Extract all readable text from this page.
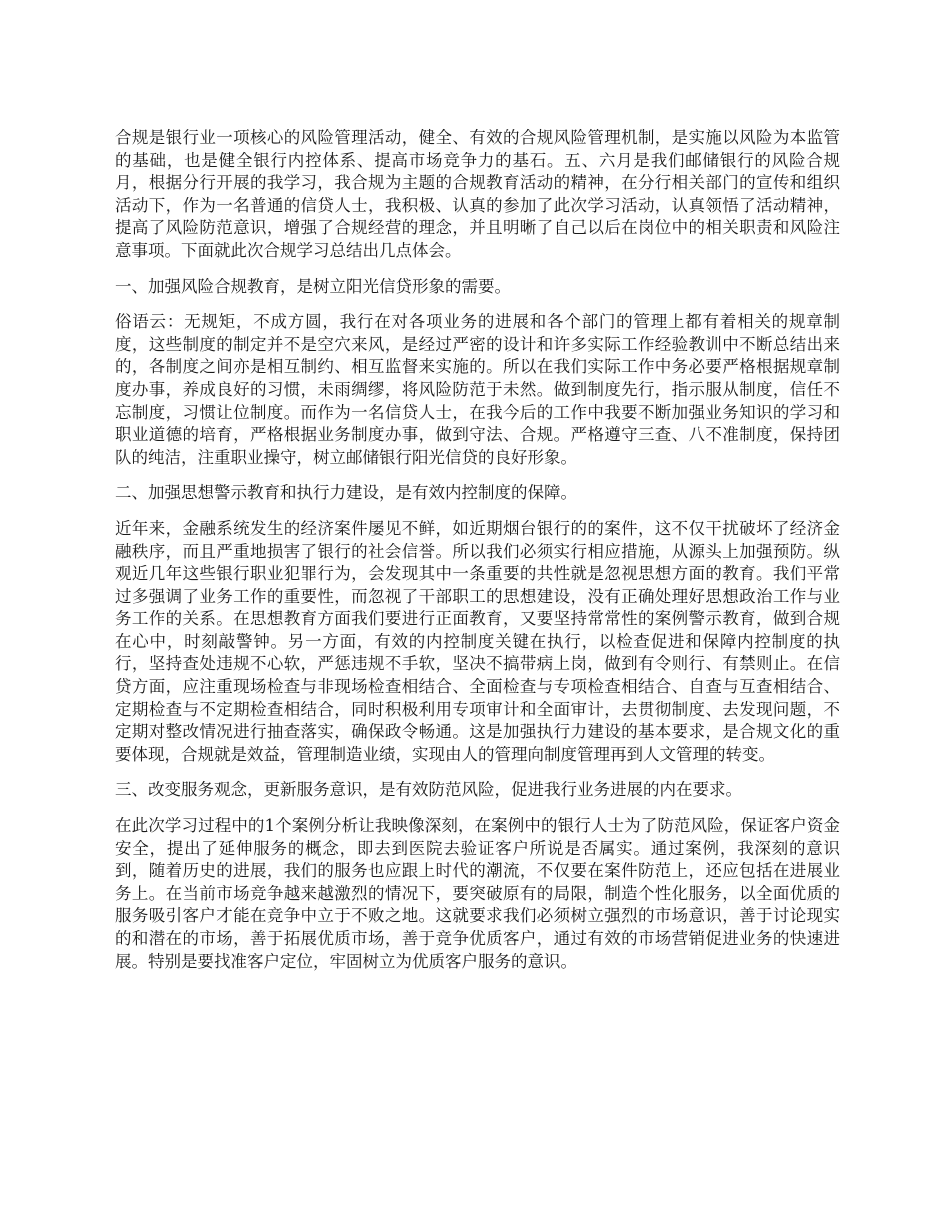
合规是银行业一项核心的风险管理活动，健全、有效的合规风险管理机制，是实施以风险为本监管的基础，也是健全银行内控体系、提高市场竞争力的基石。五、六月是我们邮储银行的风险合规月，根据分行开展的我学习，我合规为主题的合规教育活动的精神，在分行相关部门的宣传和组织活动下，作为一名普通的信贷人士，我积极、认真的参加了此次学习活动，认真领悟了活动精神，提高了风险防范意识，增强了合规经营的理念，并且明晰了自己以后在岗位中的相关职责和风险注意事项。下面就此次合规学习总结出几点体会。

一、加强风险合规教育，是树立阳光信贷形象的需要。

俗语云：无规矩，不成方圆，我行在对各项业务的进展和各个部门的管理上都有着相关的规章制度，这些制度的制定并不是空穴来风，是经过严密的设计和许多实际工作经验教训中不断总结出来的，各制度之间亦是相互制约、相互监督来实施的。所以在我们实际工作中务必要严格根据规章制度办事，养成良好的习惯，未雨绸缪，将风险防范于未然。做到制度先行，指示服从制度，信任不忘制度，习惯让位制度。而作为一名信贷人士，在我今后的工作中我要不断加强业务知识的学习和职业道德的培育，严格根据业务制度办事，做到守法、合规。严格遵守三查、八不准制度，保持团队的纯洁，注重职业操守，树立邮储银行阳光信贷的良好形象。

二、加强思想警示教育和执行力建设，是有效内控制度的保障。

近年来，金融系统发生的经济案件屡见不鲜，如近期烟台银行的的案件，这不仅干扰破坏了经济金融秩序，而且严重地损害了银行的社会信誉。所以我们必须实行相应措施，从源头上加强预防。纵观近几年这些银行职业犯罪行为，会发现其中一条重要的共性就是忽视思想方面的教育。我们平常过多强调了业务工作的重要性，而忽视了干部职工的思想建设，没有正确处理好思想政治工作与业务工作的关系。在思想教育方面我们要进行正面教育，又要坚持常常性的案例警示教育，做到合规在心中，时刻敲警钟。另一方面，有效的内控制度关键在执行，以检查促进和保障内控制度的执行，坚持查处违规不心软，严惩违规不手软，坚决不搞带病上岗，做到有令则行、有禁则止。在信贷方面，应注重现场检查与非现场检查相结合、全面检查与专项检查相结合、自查与互查相结合、定期检查与不定期检查相结合，同时积极利用专项审计和全面审计，去贯彻制度、去发现问题，不定期对整改情况进行抽查落实，确保政令畅通。这是加强执行力建设的基本要求，是合规文化的重要体现，合规就是效益，管理制造业绩，实现由人的管理向制度管理再到人文管理的转变。

三、改变服务观念，更新服务意识，是有效防范风险，促进我行业务进展的内在要求。

在此次学习过程中的1个案例分析让我映像深刻，在案例中的银行人士为了防范风险，保证客户资金安全，提出了延伸服务的概念，即去到医院去验证客户所说是否属实。通过案例，我深刻的意识到，随着历史的进展，我们的服务也应跟上时代的潮流，不仅要在案件防范上，还应包括在进展业务上。在当前市场竞争越来越激烈的情况下，要突破原有的局限，制造个性化服务，以全面优质的服务吸引客户才能在竞争中立于不败之地。这就要求我们必须树立强烈的市场意识，善于讨论现实的和潜在的市场，善于拓展优质市场，善于竞争优质客户，通过有效的市场营销促进业务的快速进展。特别是要找准客户定位，牢固树立为优质客户服务的意识。
